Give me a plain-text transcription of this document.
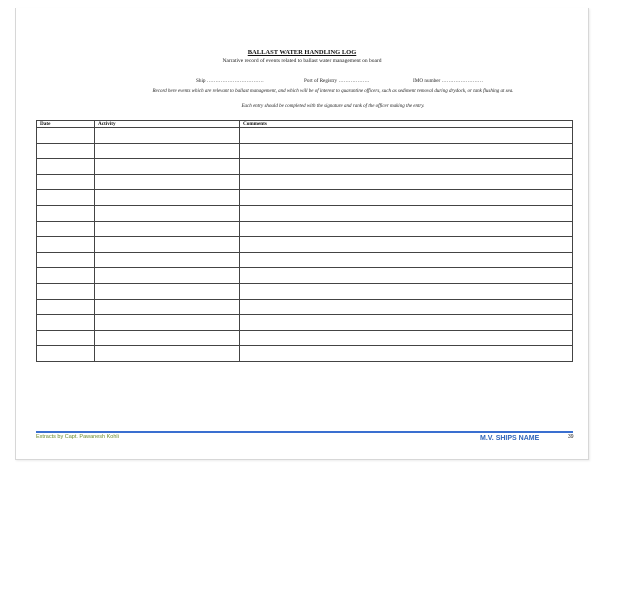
BALLAST WATER HANDLING LOG
Narrative record of events related to ballast water management on board
Ship ……………………………	Port of Registry ………………	IMO number ……………………
Record here events which are relevant to ballast management, and which will be of interest to quarantine officers, such as sediment removal during drydock, or tank flushing at sea.
Each entry should be completed with the signature and rank of the officer making the entry.
Date	Activity	Comments

Extracts by Capt. Pawanesh Kohli	M.V. SHIPS NAME	39
